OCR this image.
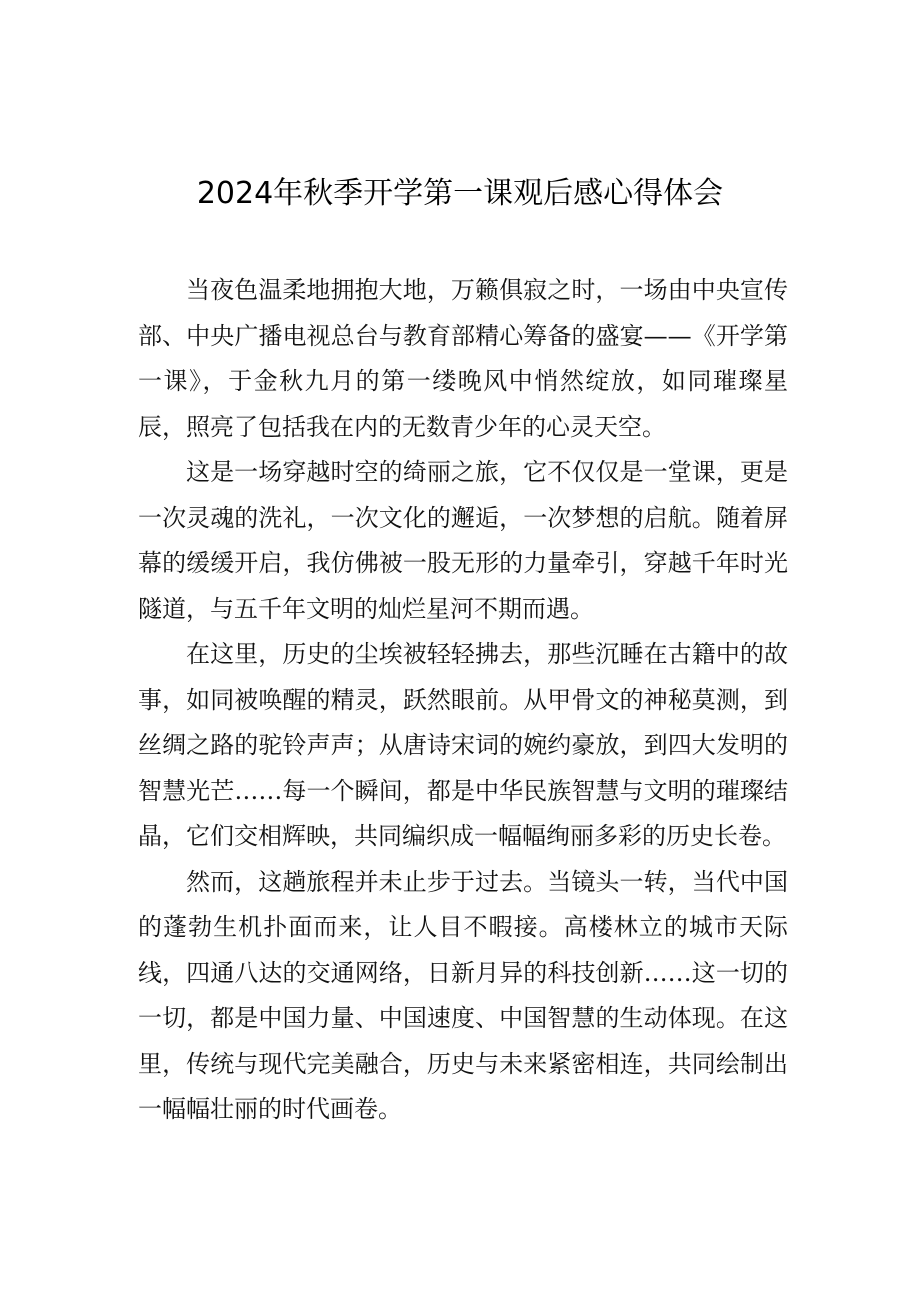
2024年秋季开学第一课观后感心得体会

当夜色温柔地拥抱大地，万籁俱寂之时，一场由中央宣传部、中央广播电视总台与教育部精心筹备的盛宴——《开学第一课》，于金秋九月的第一缕晚风中悄然绽放，如同璀璨星辰，照亮了包括我在内的无数青少年的心灵天空。

这是一场穿越时空的绮丽之旅，它不仅仅是一堂课，更是一次灵魂的洗礼，一次文化的邂逅，一次梦想的启航。随着屏幕的缓缓开启，我仿佛被一股无形的力量牵引，穿越千年时光隧道，与五千年文明的灿烂星河不期而遇。

在这里，历史的尘埃被轻轻拂去，那些沉睡在古籍中的故事，如同被唤醒的精灵，跃然眼前。从甲骨文的神秘莫测，到丝绸之路的驼铃声声；从唐诗宋词的婉约豪放，到四大发明的智慧光芒……每一个瞬间，都是中华民族智慧与文明的璀璨结晶，它们交相辉映，共同编织成一幅幅绚丽多彩的历史长卷。

然而，这趟旅程并未止步于过去。当镜头一转，当代中国的蓬勃生机扑面而来，让人目不暇接。高楼林立的城市天际线，四通八达的交通网络，日新月异的科技创新……这一切的一切，都是中国力量、中国速度、中国智慧的生动体现。在这里，传统与现代完美融合，历史与未来紧密相连，共同绘制出一幅幅壮丽的时代画卷。
